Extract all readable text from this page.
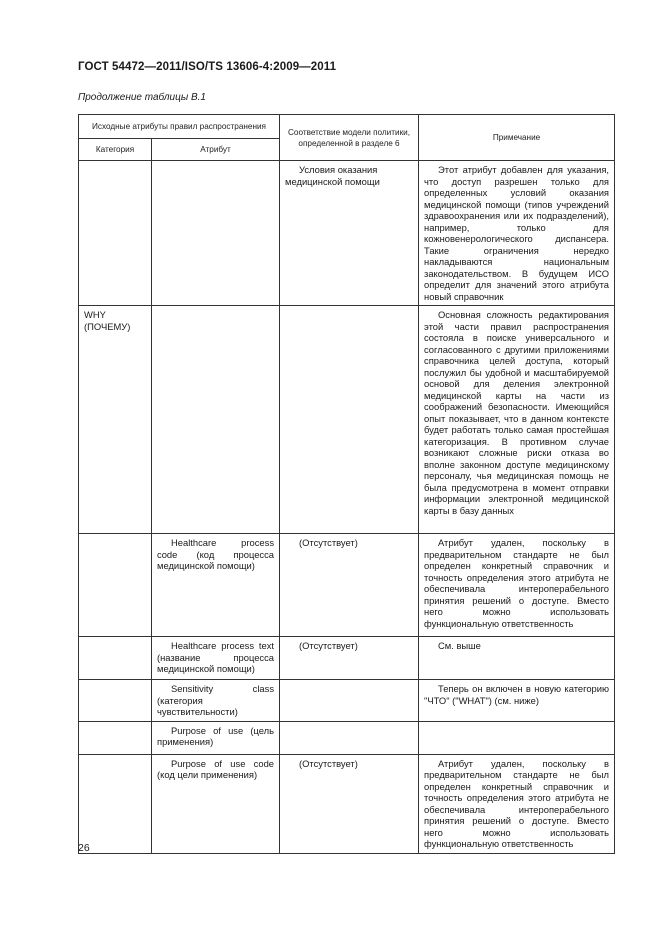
ГОСТ 54472—2011/ISO/TS 13606-4:2009—2011
Продолжение таблицы В.1
Исходные атрибуты правил распространения		Соответствие модели политики, определенной в разделе 6	Примечание
Категория	Атрибут		
		Условия оказания медицинской помощи	Этот атрибут добавлен для указания, что доступ разрешен только для определенных условий оказания медицинской помощи (типов учреждений здравоохранения или их подразделений), например, только для кожновенерологического диспансера. Такие ограничения нередко накладываются национальным законодательством. В будущем ИСО определит для значений этого атрибута новый справочник
WHY (ПОЧЕМУ)			Основная сложность редактирования этой части правил распространения состояла в поиске универсального и согласованного с другими приложениями справочника целей доступа, который послужил бы удобной и масштабируемой основой для деления электронной медицинской карты на части из соображений безопасности. Имеющийся опыт показывает, что в данном контексте будет работать только самая простейшая категоризация. В противном случае возникают сложные риски отказа во вполне законном доступе медицинскому персоналу, чья медицинская помощь не была предусмотрена в момент отправки информации электронной медицинской карты в базу данных
	Healthcare process code (код процесса медицинской помощи)	(Отсутствует)	Атрибут удален, поскольку в предварительном стандарте не был определен конкретный справочник и точность определения этого атрибута не обеспечивала интероперабельного принятия решений о доступе. Вместо него можно использовать функциональную ответственность
	Healthcare process text (название процесса медицинской помощи)	(Отсутствует)	См. выше
	Sensitivity class (категория чувствительности)		Теперь он включен в новую категорию "ЧТО" ("WHAT") (см. ниже)
	Purpose of use (цель применения)		
	Purpose of use code (код цели применения)	(Отсутствует)	Атрибут удален, поскольку в предварительном стандарте не был определен конкретный справочник и точность определения этого атрибута не обеспечивала интероперабельного принятия решений о доступе. Вместо него можно использовать функциональную ответственность
26
